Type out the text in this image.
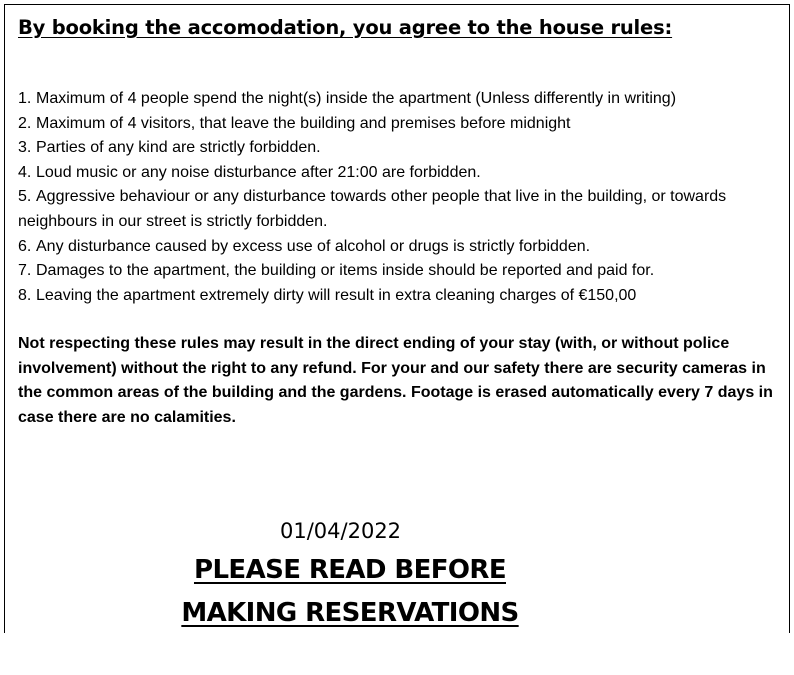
By booking the accomodation, you agree to the house rules:
1. Maximum of 4 people spend the night(s) inside the apartment (Unless differently in writing)
2. Maximum of 4 visitors, that leave the building and premises before midnight
3. Parties of any kind are strictly forbidden.
4. Loud music or any noise disturbance after 21:00 are forbidden.
5. Aggressive behaviour or any disturbance towards other people that live in the building, or towards
neighbours in our street is strictly forbidden.
6. Any disturbance caused by excess use of alcohol or drugs is strictly forbidden.
7. Damages to the apartment, the building or items inside should be reported and paid for.
8. Leaving the apartment extremely dirty will result in extra cleaning charges of €150,00

Not respecting these rules may result in the direct ending of your stay (with, or without police involvement) without the right to any refund. For your and our safety there are security cameras in the common areas of the building and the gardens. Footage is erased automatically every 7 days in case there are no calamities.

01/04/2022

PLEASE READ BEFORE

MAKING RESERVATIONS
